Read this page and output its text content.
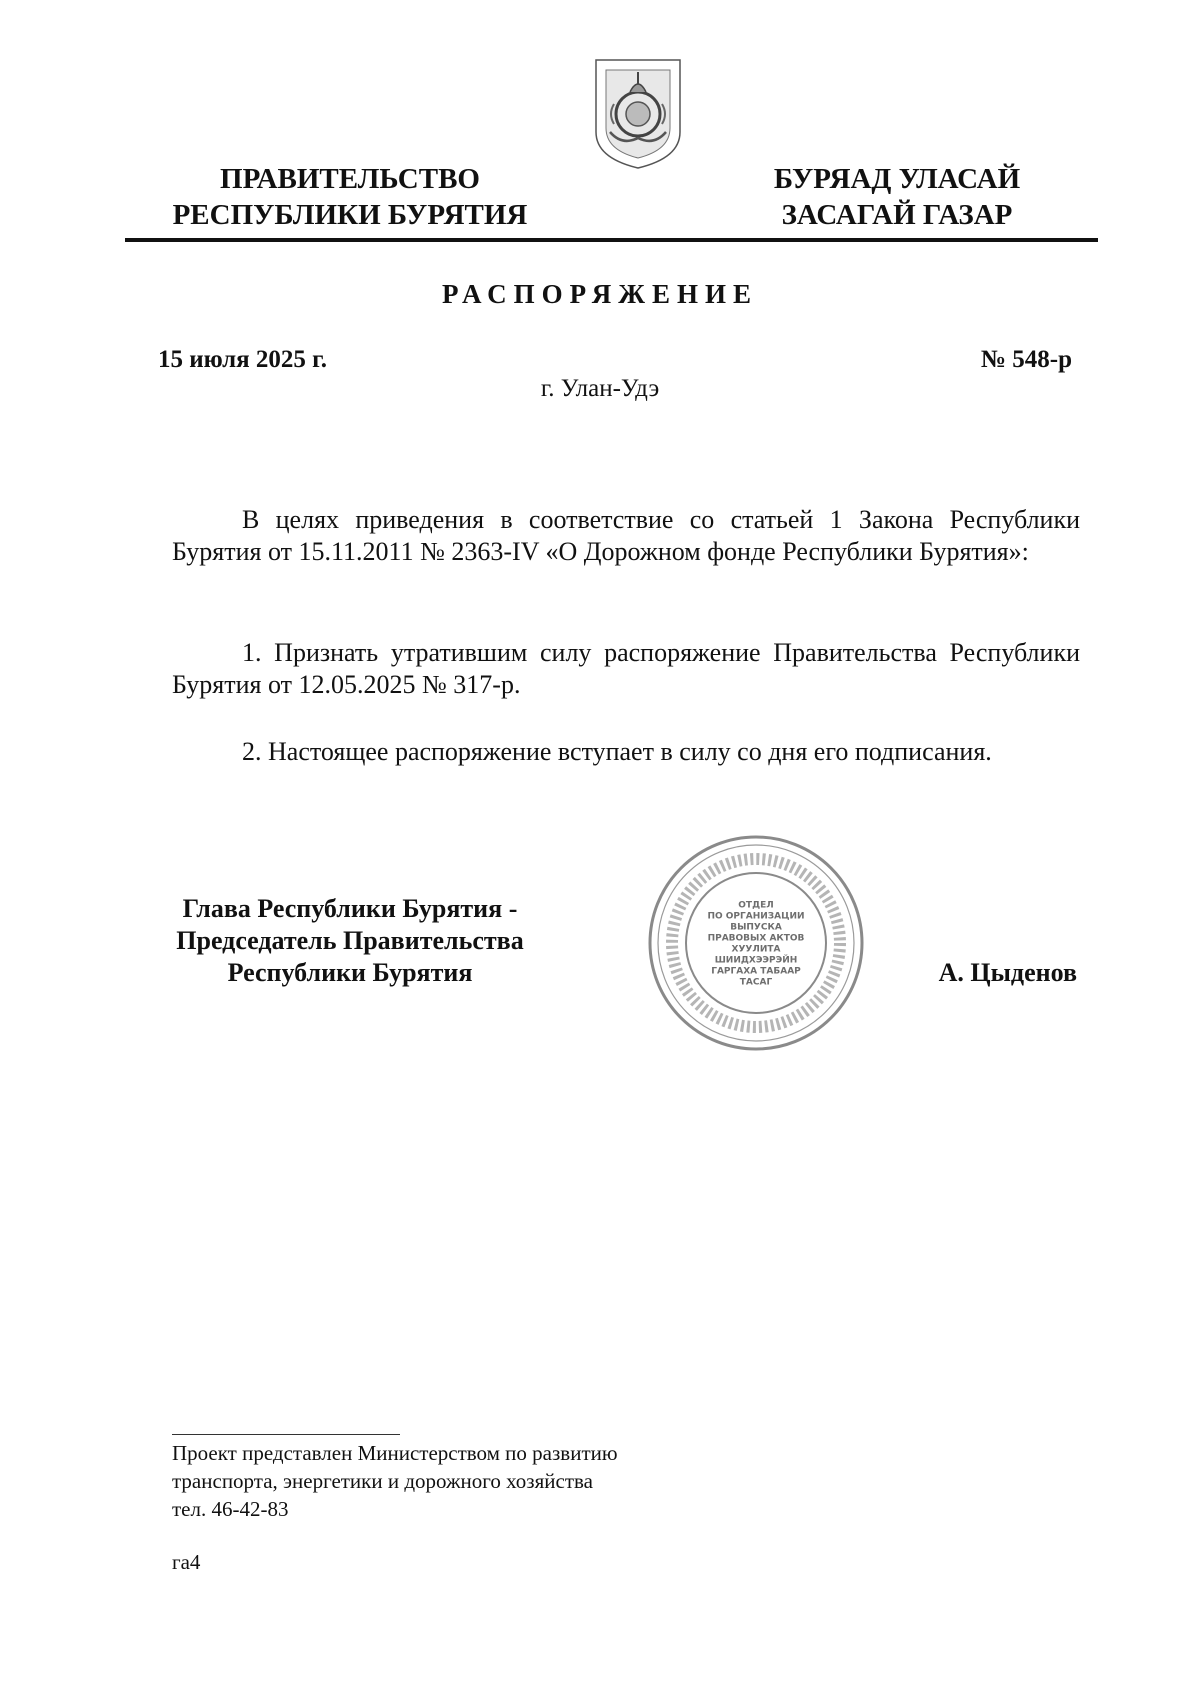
ПРАВИТЕЛЬСТВО
РЕСПУБЛИКИ БУРЯТИЯ
БУРЯАД УЛАСАЙ
ЗАСАГАЙ ГАЗАР
РАСПОРЯЖЕНИЕ
15 июля 2025 г.	№ 548-р
г. Улан-Удэ
В целях приведения в соответствие со статьей 1 Закона Республики Бурятия от 15.11.2011 № 2363-IV «О Дорожном фонде Республики Бурятия»:
1. Признать утратившим силу распоряжение Правительства Республики Бурятия от 12.05.2025 № 317-р.
2. Настоящее распоряжение вступает в силу со дня его подписания.
Глава Республики Бурятия -
Председатель Правительства
Республики Бурятия
ОТДЕЛ
ПО ОРГАНИЗАЦИИ
ВЫПУСКА
ПРАВОВЫХ АКТОВ
ХУУЛИТА
ШИИДХЭЭРЭЙН
ГАРГАХА ТАБААР
ТАСАГ	А. Цыденов
Проект представлен Министерством по развитию
транспорта, энергетики и дорожного хозяйства
тел. 46-42-83
га4
